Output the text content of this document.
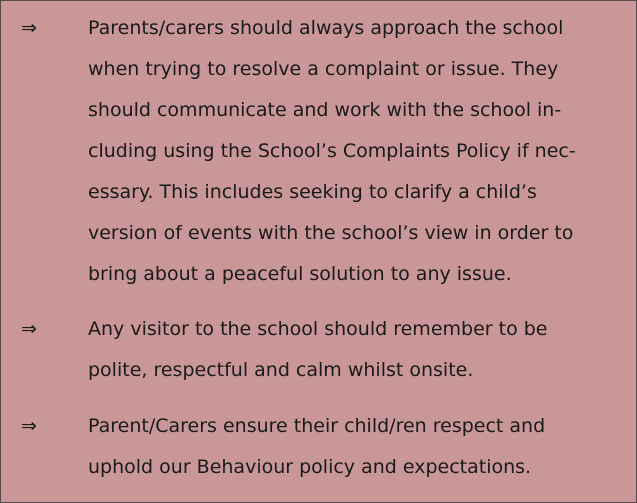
⇒	Parents/carers should always approach the school
when trying to resolve a complaint or issue. They
should communicate and work with the school in-
cluding using the School’s Complaints Policy if nec-
essary. This includes seeking to clarify a child’s
version of events with the school’s view in order to
bring about a peaceful solution to any issue.
⇒	Any visitor to the school should remember to be
polite, respectful and calm whilst onsite.
⇒	Parent/Carers ensure their child/ren respect and
uphold our Behaviour policy and expectations.
